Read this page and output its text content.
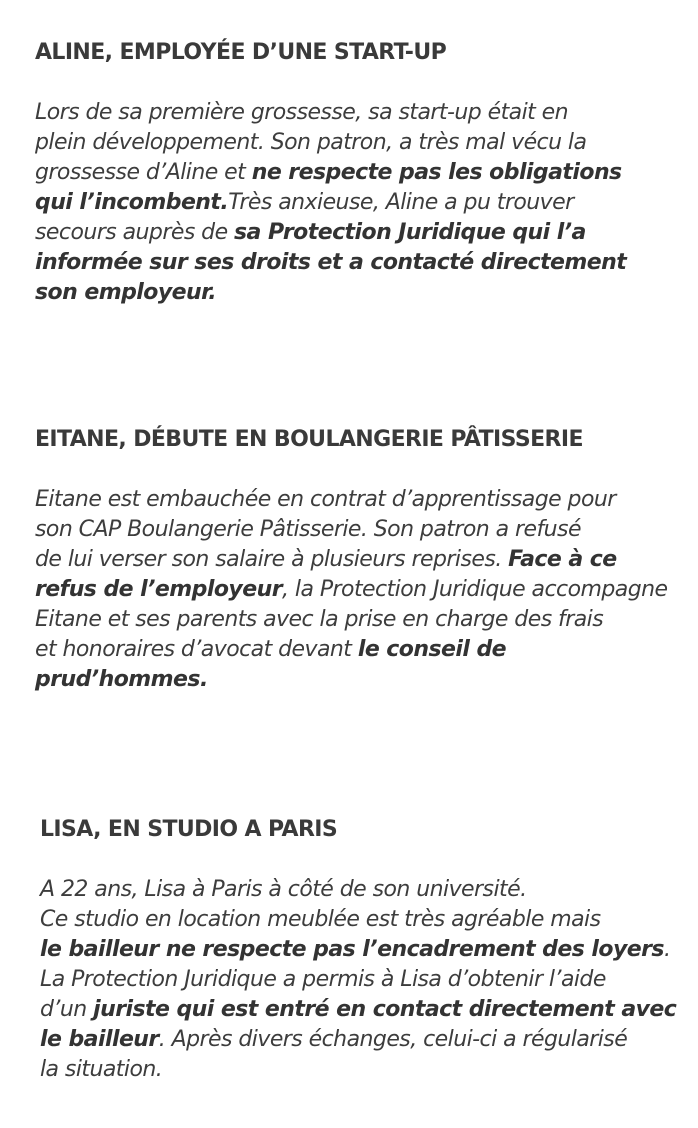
ALINE, EMPLOYÉE D’UNE START-UP
Lors de sa première grossesse, sa start-up était en
plein développement. Son patron, a très mal vécu la
grossesse d’Aline et ne respecte pas les obligations
qui l’incombent.Très anxieuse, Aline a pu trouver
secours auprès de sa Protection Juridique qui l’a
informée sur ses droits et a contacté directement
son employeur.
EITANE, DÉBUTE EN BOULANGERIE PÂTISSERIE
Eitane est embauchée en contrat d’apprentissage pour
son CAP Boulangerie Pâtisserie. Son patron a refusé
de lui verser son salaire à plusieurs reprises. Face à ce
refus de l’employeur, la Protection Juridique accompagne
Eitane et ses parents avec la prise en charge des frais
et honoraires d’avocat devant le conseil de
prud’hommes.
LISA, EN STUDIO A PARIS
A 22 ans, Lisa à Paris à côté de son université.
Ce studio en location meublée est très agréable mais
le bailleur ne respecte pas l’encadrement des loyers.
La Protection Juridique a permis à Lisa d’obtenir l’aide
d’un juriste qui est entré en contact directement avec
le bailleur. Après divers échanges, celui-ci a régularisé
la situation.
